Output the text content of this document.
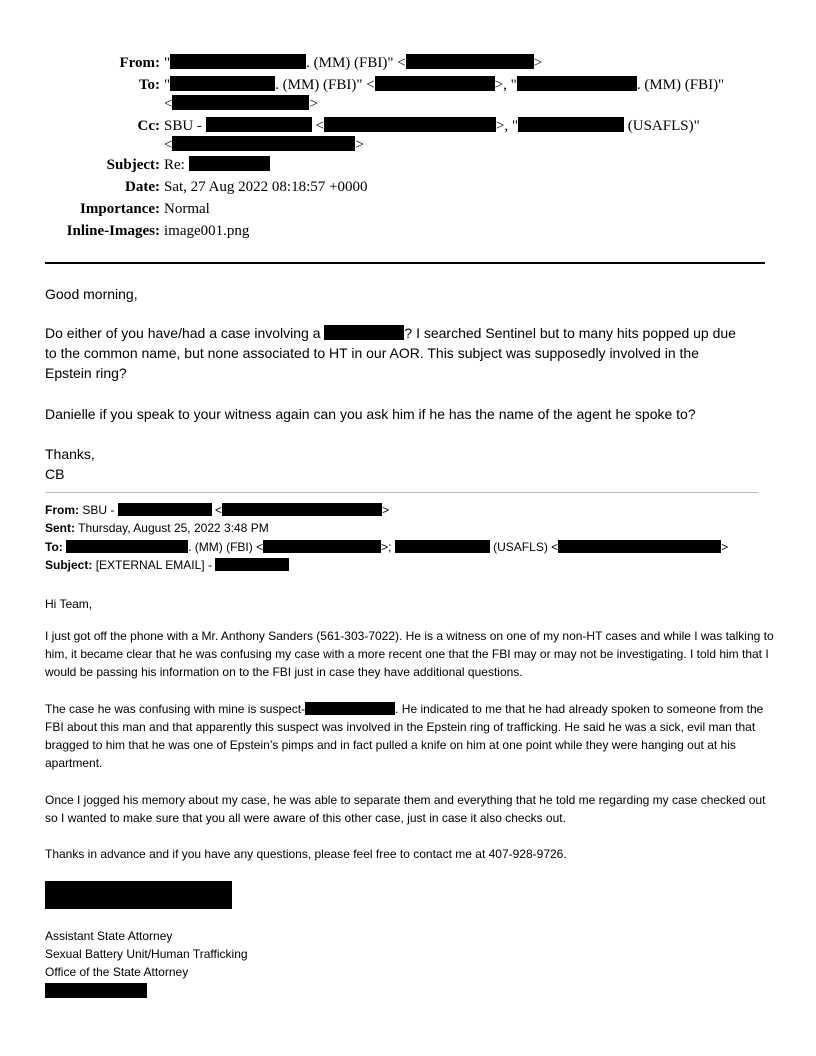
From: "	. (MM) (FBI)" <	>
To: "	. (MM) (FBI)" <	>, "	. (MM) (FBI)"
<	>
Cc: SBU -	<	>, "	(USAFLS)"
<	>
Subject: Re:
Date: Sat, 27 Aug 2022 08:18:57 +0000
Importance: Normal
Inline-Images: image001.png

Good morning,

Do either of you have/had a case involving a	? I searched Sentinel but to many hits popped up due
to the common name, but none associated to HT in our AOR. This subject was supposedly involved in the
Epstein ring?

Danielle if you speak to your witness again can you ask him if he has the name of the agent he spoke to?

Thanks,

CB

From: SBU -	<	>
Sent: Thursday, August 25, 2022 3:48 PM
To:	. (MM) (FBI) <	>;	(USAFLS) <	>
Subject: [EXTERNAL EMAIL] -

Hi Team,

I just got off the phone with a Mr. Anthony Sanders (561-303-7022). He is a witness on one of my non-HT cases and while I was talking to him, it became clear that he was confusing my case with a more recent one that the FBI may or may not be investigating. I told him that I would be passing his information on to the FBI just in case they have additional questions.

The case he was confusing with mine is suspect-	. He indicated to me that he had already spoken to someone from the FBI about this man and that apparently this suspect was involved in the Epstein ring of trafficking. He said he was a sick, evil man that bragged to him that he was one of Epstein’s pimps and in fact pulled a knife on him at one point while they were hanging out at his apartment.

Once I jogged his memory about my case, he was able to separate them and everything that he told me regarding my case checked out so I wanted to make sure that you all were aware of this other case, just in case it also checks out.

Thanks in advance and if you have any questions, please feel free to contact me at 407-928-9726.

Assistant State Attorney

Sexual Battery Unit/Human Trafficking

Office of the State Attorney
